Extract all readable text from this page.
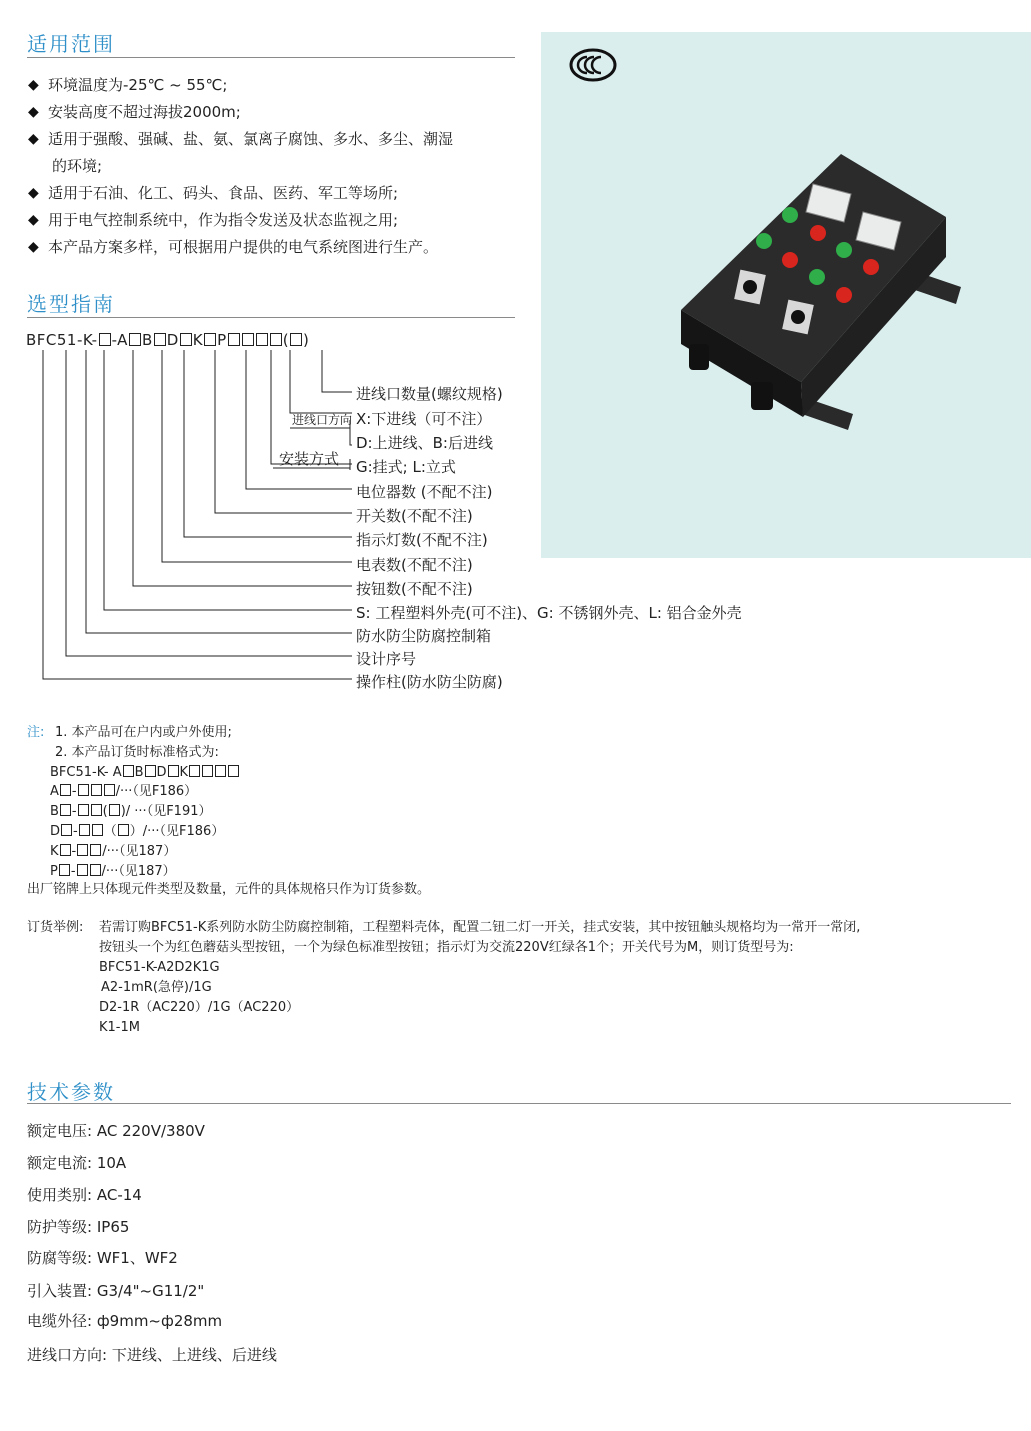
适用范围
◆ 环境温度为-25℃ ~ 55℃;
◆ 安装高度不超过海拔2000m;
◆ 适用于强酸、强碱、盐、氨、氯离子腐蚀、多水、多尘、潮湿
的环境;
◆ 适用于石油、化工、码头、食品、医药、军工等场所;
◆ 用于电气控制系统中，作为指令发送及状态监视之用;
◆ 本产品方案多样，可根据用户提供的电气系统图进行生产。
选型指南
BFC51-K- -A B D K P	( )
进线口数量(螺纹规格)
X:下进线（可不注）
D:上进线、B:后进线
G:挂式; L:立式
电位器数 (不配不注)
开关数(不配不注)
指示灯数(不配不注)
电表数(不配不注)
按钮数(不配不注)
S: 工程塑料外壳(可不注)、G: 不锈钢外壳、L: 铝合金外壳
防水防尘防腐控制箱
设计序号
操作柱(防水防尘防腐)
进线口方向
安装方式
注: 1. 本产品可在户内或户外使用;
2. 本产品订货时标准格式为:
BFC51-K- A B D K
A -	/···（见F186）
B - ( )/ ···（见F191）
D - （ ）/···（见F186）
K - /···（见187）
P - /···（见187）
出厂铭牌上只体现元件类型及数量，元件的具体规格只作为订货参数。
订货举例: 若需订购BFC51-K系列防水防尘防腐控制箱，工程塑料壳体，配置二钮二灯一开关，挂式安装，其中按钮触头规格均为一常开一常闭,
按钮头一个为红色蘑菇头型按钮，一个为绿色标准型按钮；指示灯为交流220V红绿各1个；开关代号为M，则订货型号为:
BFC51-K-A2D2K1G
A2-1mR(急停)/1G
D2-1R（AC220）/1G（AC220）
K1-1M
技术参数
额定电压: AC 220V/380V
额定电流: 10A
使用类别: AC-14
防护等级: IP65
防腐等级: WF1、WF2
引入装置: G3/4"~G11/2"
电缆外径: ф9mm~ф28mm
进线口方向: 下进线、上进线、后进线
